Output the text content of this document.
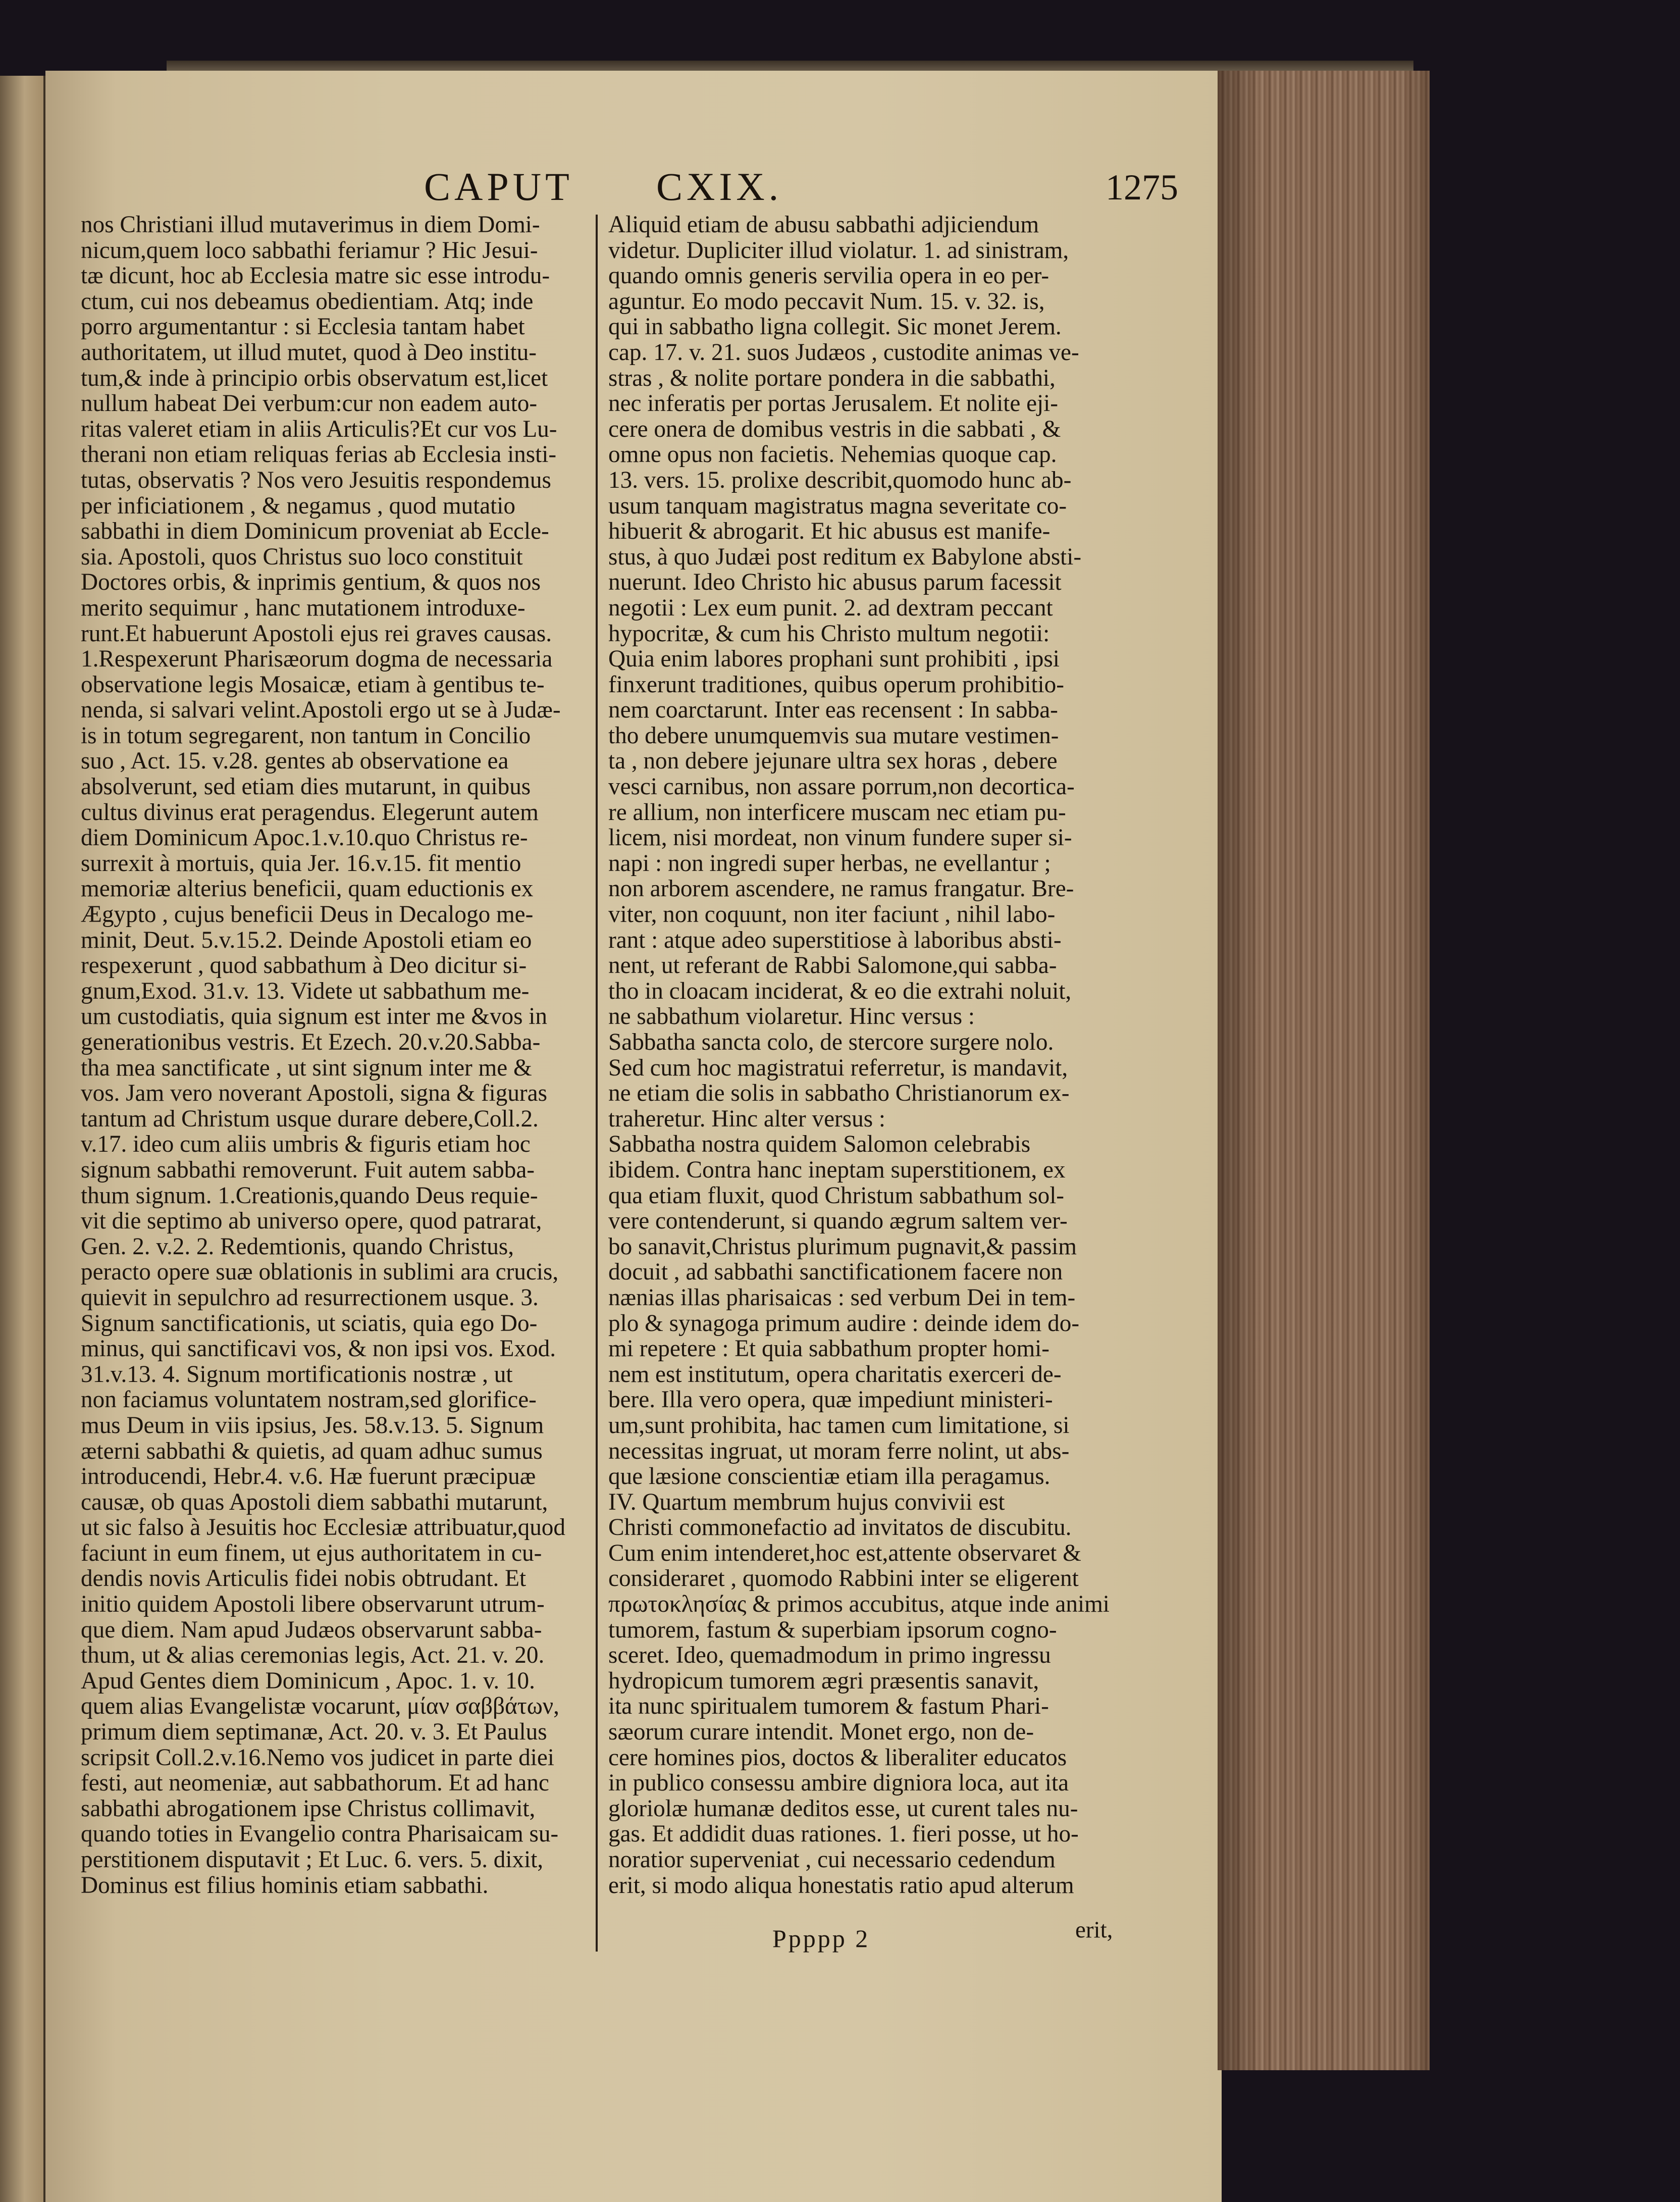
CAPUT CXIX.	1275
nos Christiani illud mutaverimus in diem Domi-
nicum,quem loco sabbathi feriamur ? Hic Jesui-
tæ dicunt, hoc ab Ecclesia matre sic esse introdu-
ctum, cui nos debeamus obedientiam. Atq; inde
porro argumentantur : si Ecclesia tantam habet
authoritatem, ut illud mutet, quod à Deo institu-
tum,& inde à principio orbis observatum est,licet
nullum habeat Dei verbum:cur non eadem auto-
ritas valeret etiam in aliis Articulis?Et cur vos Lu-
therani non etiam reliquas ferias ab Ecclesia insti-
tutas, observatis ? Nos vero Jesuitis respondemus
per inficiationem , & negamus , quod mutatio
sabbathi in diem Dominicum proveniat ab Eccle-
sia. Apostoli, quos Christus suo loco constituit
Doctores orbis, & inprimis gentium, & quos nos
merito sequimur , hanc mutationem introduxe-
runt.Et habuerunt Apostoli ejus rei graves causas.
1.Respexerunt Pharisæorum dogma de necessaria
observatione legis Mosaicæ, etiam à gentibus te-
nenda, si salvari velint.Apostoli ergo ut se à Judæ-
is in totum segregarent, non tantum in Concilio
suo , Act. 15. v.28. gentes ab observatione ea
absolverunt, sed etiam dies mutarunt, in quibus
cultus divinus erat peragendus. Elegerunt autem
diem Dominicum Apoc.1.v.10.quo Christus re-
surrexit à mortuis, quia Jer. 16.v.15. fit mentio
memoriæ alterius beneficii, quam eductionis ex
Ægypto , cujus beneficii Deus in Decalogo me-
minit, Deut. 5.v.15.2. Deinde Apostoli etiam eo
respexerunt , quod sabbathum à Deo dicitur si-
gnum,Exod. 31.v. 13. Videte ut sabbathum me-
um custodiatis, quia signum est inter me &vos in
generationibus vestris. Et Ezech. 20.v.20.Sabba-
tha mea sanctificate , ut sint signum inter me &
vos. Jam vero noverant Apostoli, signa & figuras
tantum ad Christum usque durare debere,Coll.2.
v.17. ideo cum aliis umbris & figuris etiam hoc
signum sabbathi removerunt. Fuit autem sabba-
thum signum. 1.Creationis,quando Deus requie-
vit die septimo ab universo opere, quod patrarat,
Gen. 2. v.2. 2. Redemtionis, quando Christus,
peracto opere suæ oblationis in sublimi ara crucis,
quievit in sepulchro ad resurrectionem usque. 3.
Signum sanctificationis, ut sciatis, quia ego Do-
minus, qui sanctificavi vos, & non ipsi vos. Exod.
31.v.13. 4. Signum mortificationis nostræ , ut
non faciamus voluntatem nostram,sed glorifice-
mus Deum in viis ipsius, Jes. 58.v.13. 5. Signum
æterni sabbathi & quietis, ad quam adhuc sumus
introducendi, Hebr.4. v.6. Hæ fuerunt præcipuæ
causæ, ob quas Apostoli diem sabbathi mutarunt,
ut sic falso à Jesuitis hoc Ecclesiæ attribuatur,quod
faciunt in eum finem, ut ejus authoritatem in cu-
dendis novis Articulis fidei nobis obtrudant. Et
initio quidem Apostoli libere observarunt utrum-
que diem. Nam apud Judæos observarunt sabba-
thum, ut & alias ceremonias legis, Act. 21. v. 20.
Apud Gentes diem Dominicum , Apoc. 1. v. 10.
quem alias Evangelistæ vocarunt, μίαν σαββάτων,
primum diem septimanæ, Act. 20. v. 3. Et Paulus
scripsit Coll.2.v.16.Nemo vos judicet in parte diei
festi, aut neomeniæ, aut sabbathorum. Et ad hanc
sabbathi abrogationem ipse Christus collimavit,
quando toties in Evangelio contra Pharisaicam su-
perstitionem disputavit ; Et Luc. 6. vers. 5. dixit,
Dominus est filius hominis etiam sabbathi.
Aliquid etiam de abusu sabbathi adjiciendum
videtur. Dupliciter illud violatur. 1. ad sinistram,
quando omnis generis servilia opera in eo per-
aguntur. Eo modo peccavit Num. 15. v. 32. is,
qui in sabbatho ligna collegit. Sic monet Jerem.
cap. 17. v. 21. suos Judæos , custodite animas ve-
stras , & nolite portare pondera in die sabbathi,
nec inferatis per portas Jerusalem. Et nolite eji-
cere onera de domibus vestris in die sabbati , &
omne opus non facietis. Nehemias quoque cap.
13. vers. 15. prolixe describit,quomodo hunc ab-
usum tanquam magistratus magna severitate co-
hibuerit & abrogarit. Et hic abusus est manife-
stus, à quo Judæi post reditum ex Babylone absti-
nuerunt. Ideo Christo hic abusus parum facessit
negotii : Lex eum punit. 2. ad dextram peccant
hypocritæ, & cum his Christo multum negotii:
Quia enim labores prophani sunt prohibiti , ipsi
finxerunt traditiones, quibus operum prohibitio-
nem coarctarunt. Inter eas recensent : In sabba-
tho debere unumquemvis sua mutare vestimen-
ta , non debere jejunare ultra sex horas , debere
vesci carnibus, non assare porrum,non decortica-
re allium, non interficere muscam nec etiam pu-
licem, nisi mordeat, non vinum fundere super si-
napi : non ingredi super herbas, ne evellantur ;
non arborem ascendere, ne ramus frangatur. Bre-
viter, non coquunt, non iter faciunt , nihil labo-
rant : atque adeo superstitiose à laboribus absti-
nent, ut referant de Rabbi Salomone,qui sabba-
tho in cloacam inciderat, & eo die extrahi noluit,
ne sabbathum violaretur. Hinc versus :
Sabbatha sancta colo, de stercore surgere nolo.
Sed cum hoc magistratui referretur, is mandavit,
ne etiam die solis in sabbatho Christianorum ex-
traheretur. Hinc alter versus :
Sabbatha nostra quidem Salomon celebrabis
ibidem. Contra hanc ineptam superstitionem, ex
qua etiam fluxit, quod Christum sabbathum sol-
vere contenderunt, si quando ægrum saltem ver-
bo sanavit,Christus plurimum pugnavit,& passim
docuit , ad sabbathi sanctificationem facere non
nænias illas pharisaicas : sed verbum Dei in tem-
plo & synagoga primum audire : deinde idem do-
mi repetere : Et quia sabbathum propter homi-
nem est institutum, opera charitatis exerceri de-
bere. Illa vero opera, quæ impediunt ministeri-
um,sunt prohibita, hac tamen cum limitatione, si
necessitas ingruat, ut moram ferre nolint, ut abs-
que læsione conscientiæ etiam illa peragamus.
IV. Quartum membrum hujus convivii est
Christi commonefactio ad invitatos de discubitu.
Cum enim intenderet,hoc est,attente observaret &
consideraret , quomodo Rabbini inter se eligerent
πρωτοκλησίας & primos accubitus, atque inde animi
tumorem, fastum & superbiam ipsorum cogno-
sceret. Ideo, quemadmodum in primo ingressu
hydropicum tumorem ægri præsentis sanavit,
ita nunc spiritualem tumorem & fastum Phari-
sæorum curare intendit. Monet ergo, non de-
cere homines pios, doctos & liberaliter educatos
in publico consessu ambire digniora loca, aut ita
gloriolæ humanæ deditos esse, ut curent tales nu-
gas. Et addidit duas rationes. 1. fieri posse, ut ho-
noratior superveniat , cui necessario cedendum
erit, si modo aliqua honestatis ratio apud alterum
Ppppp 2	erit,
